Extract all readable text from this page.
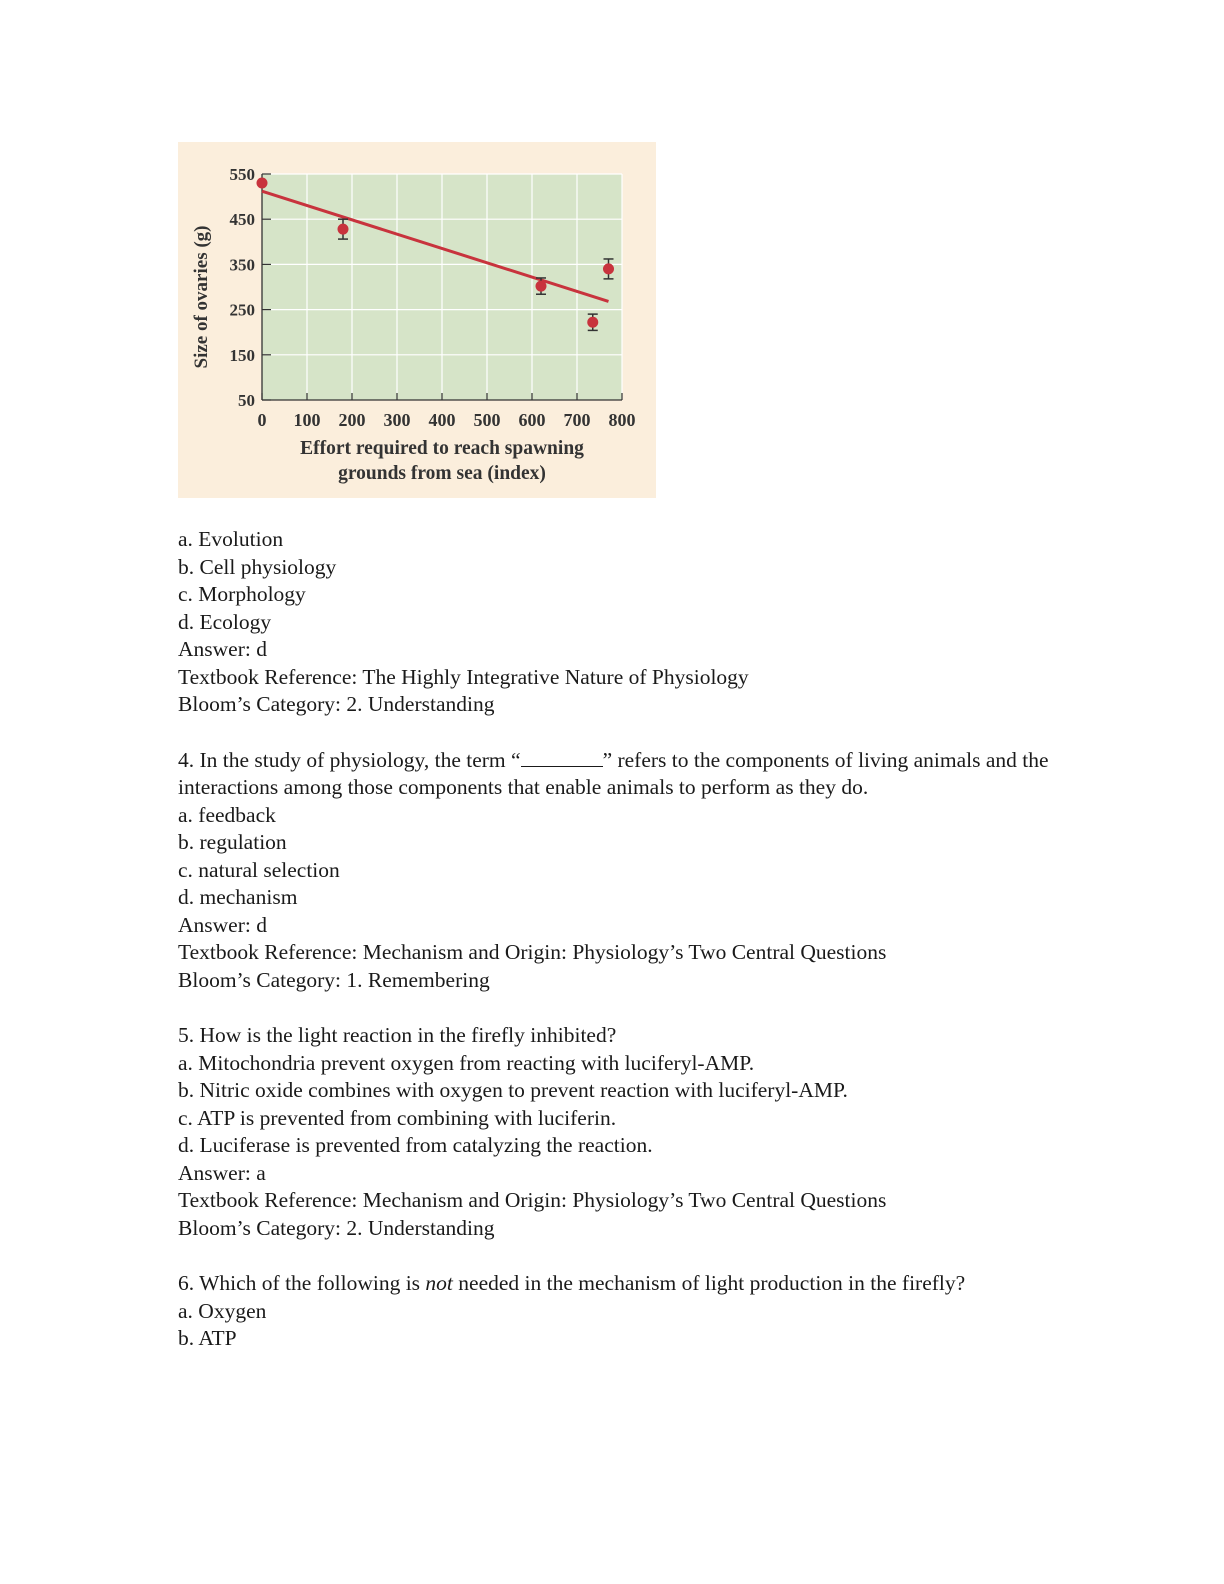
0 100 200 300 400 500 600 700 800
50
150
250
350
450
550
Size of ovaries (g)
Effort required to reach spawning grounds from sea (index)
a. Evolution
b. Cell physiology
c. Morphology
d. Ecology
Answer: d
Textbook Reference: The Highly Integrative Nature of Physiology
Bloom’s Category: 2. Understanding
4. In the study of physiology, the term “	” refers to the components of living animals and the interactions among those components that enable animals to perform as they do.
a. feedback
b. regulation
c. natural selection
d. mechanism
Answer: d
Textbook Reference: Mechanism and Origin: Physiology’s Two Central Questions
Bloom’s Category: 1. Remembering
5. How is the light reaction in the firefly inhibited?
a. Mitochondria prevent oxygen from reacting with luciferyl-AMP.
b. Nitric oxide combines with oxygen to prevent reaction with luciferyl-AMP.
c. ATP is prevented from combining with luciferin.
d. Luciferase is prevented from catalyzing the reaction.
Answer: a
Textbook Reference: Mechanism and Origin: Physiology’s Two Central Questions
Bloom’s Category: 2. Understanding
6. Which of the following is not needed in the mechanism of light production in the firefly?
a. Oxygen
b. ATP
